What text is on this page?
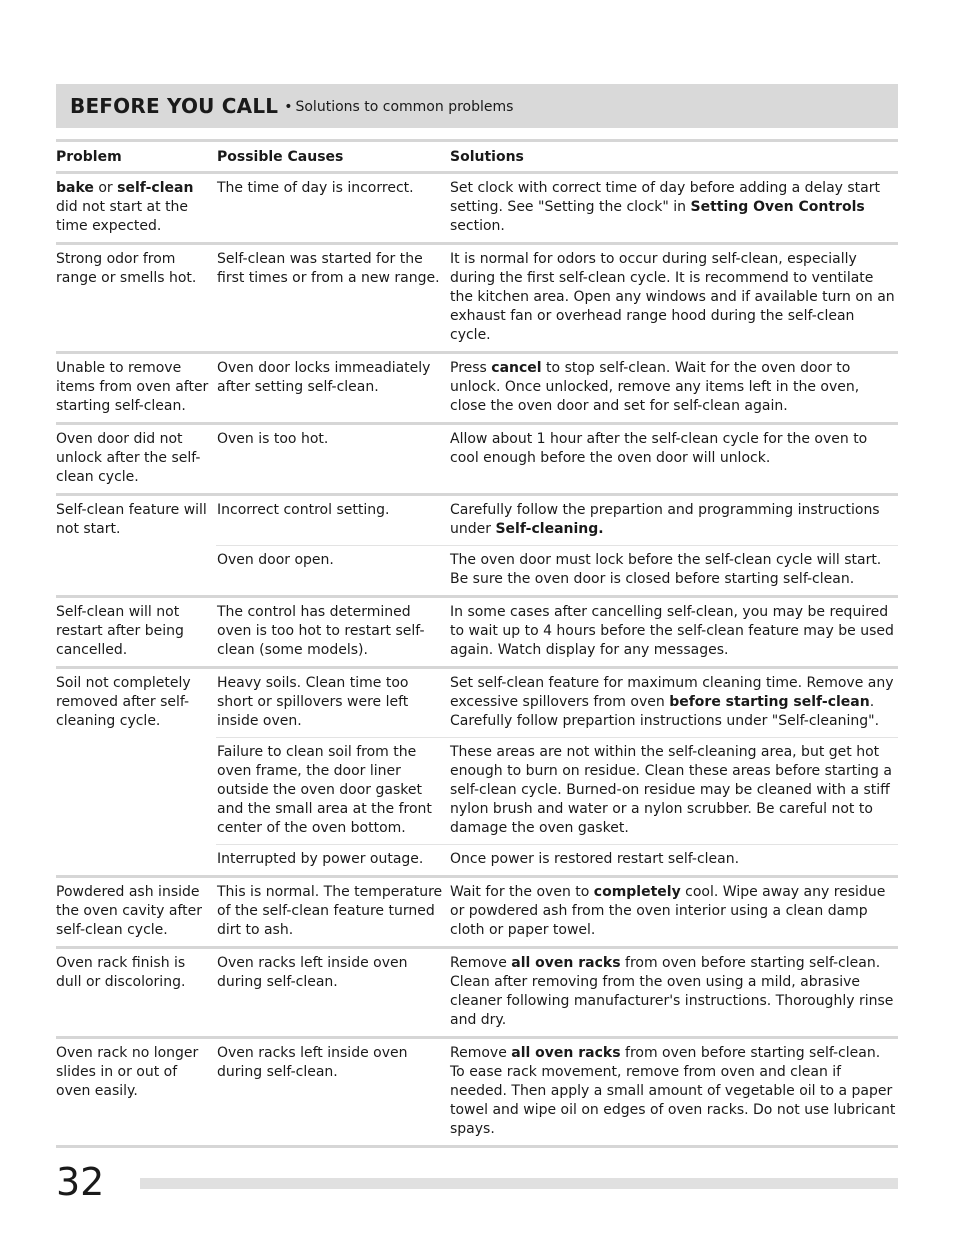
BEFORE YOU CALL • Solutions to common problems
Problem	Possible Causes	Solutions
bake or self-clean did not start at the time expected.	The time of day is incorrect.	Set clock with correct time of day before adding a delay start setting. See "Setting the clock" in Setting Oven Controls section.
Strong odor from range or smells hot.	Self-clean was started for the first times or from a new range.	It is normal for odors to occur during self-clean, especially during the first self-clean cycle. It is recommend to ventilate the kitchen area. Open any windows and if available turn on an exhaust fan or overhead range hood during the self-clean cycle.
Unable to remove items from oven after starting self-clean.	Oven door locks immeadiately after setting self-clean.	Press cancel to stop self-clean. Wait for the oven door to unlock. Once unlocked, remove any items left in the oven, close the oven door and set for self-clean again.
Oven door did not unlock after the self-clean cycle.	Oven is too hot.	Allow about 1 hour after the self-clean cycle for the oven to cool enough before the oven door will unlock.
Self-clean feature will not start.	Incorrect control setting.	Carefully follow the prepartion and programming instructions under Self-cleaning.
	Oven door open.	The oven door must lock before the self-clean cycle will start. Be sure the oven door is closed before starting self-clean.
Self-clean will not restart after being cancelled.	The control has determined oven is too hot to restart self-clean (some models).	In some cases after cancelling self-clean, you may be required to wait up to 4 hours before the self-clean feature may be used again. Watch display for any messages.
Soil not completely removed after self-cleaning cycle.	Heavy soils. Clean time too short or spillovers were left inside oven.	Set self-clean feature for maximum cleaning time. Remove any excessive spillovers from oven before starting self-clean. Carefully follow prepartion instructions under "Self-cleaning".
	Failure to clean soil from the oven frame, the door liner outside the oven door gasket and the small area at the front center of the oven bottom.	These areas are not within the self-cleaning area, but get hot enough to burn on residue. Clean these areas before starting a self-clean cycle. Burned-on residue may be cleaned with a stiff nylon brush and water or a nylon scrubber. Be careful not to damage the oven gasket.
	Interrupted by power outage.	Once power is restored restart self-clean.
Powdered ash inside the oven cavity after self-clean cycle.	This is normal. The temperature of the self-clean feature turned dirt to ash.	Wait for the oven to completely cool. Wipe away any residue or powdered ash from the oven interior using a clean damp cloth or paper towel.
Oven rack finish is dull or discoloring.	Oven racks left inside oven during self-clean.	Remove all oven racks from oven before starting self-clean. Clean after removing from the oven using a mild, abrasive cleaner following manufacturer's instructions. Thoroughly rinse and dry.
Oven rack no longer slides in or out of oven easily.	Oven racks left inside oven during self-clean.	Remove all oven racks from oven before starting self-clean. To ease rack movement, remove from oven and clean if needed. Then apply a small amount of vegetable oil to a paper towel and wipe oil on edges of oven racks. Do not use lubricant spays.
32
